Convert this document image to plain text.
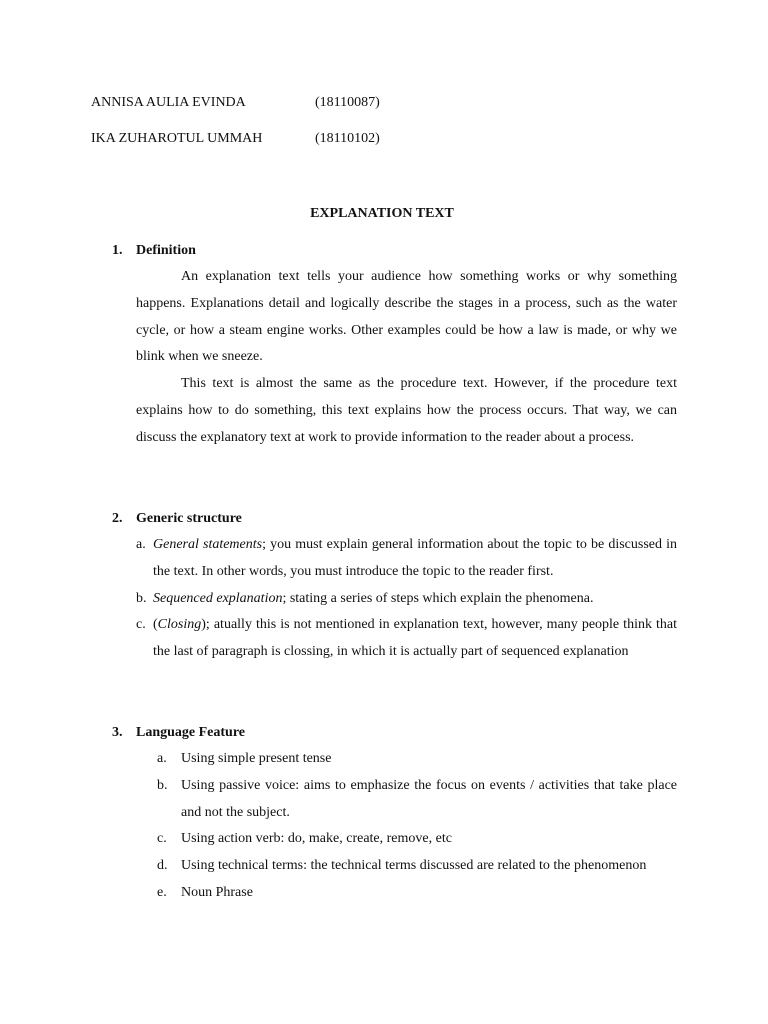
ANNISA AULIA EVINDA	(18110087)
IKA ZUHAROTUL UMMAH	(18110102)
EXPLANATION TEXT
1. Definition

An explanation text tells your audience how something works or why something happens. Explanations detail and logically describe the stages in a process, such as the water cycle, or how a steam engine works. Other examples could be how a law is made, or why we blink when we sneeze.

This text is almost the same as the procedure text. However, if the procedure text explains how to do something, this text explains how the process occurs. That way, we can discuss the explanatory text at work to provide information to the reader about a process.

2. Generic structure
a. General statements; you must explain general information about the topic to be discussed in the text. In other words, you must introduce the topic to the reader first.
b. Sequenced explanation; stating a series of steps which explain the phenomena.
c. (Closing); atually this is not mentioned in explanation text, however, many people think that the last of paragraph is clossing, in which it is actually part of sequenced explanation
3. Language Feature
a. Using simple present tense
b. Using passive voice: aims to emphasize the focus on events / activities that take place and not the subject.
c. Using action verb: do, make, create, remove, etc
d. Using technical terms: the technical terms discussed are related to the phenomenon
e. Noun Phrase
